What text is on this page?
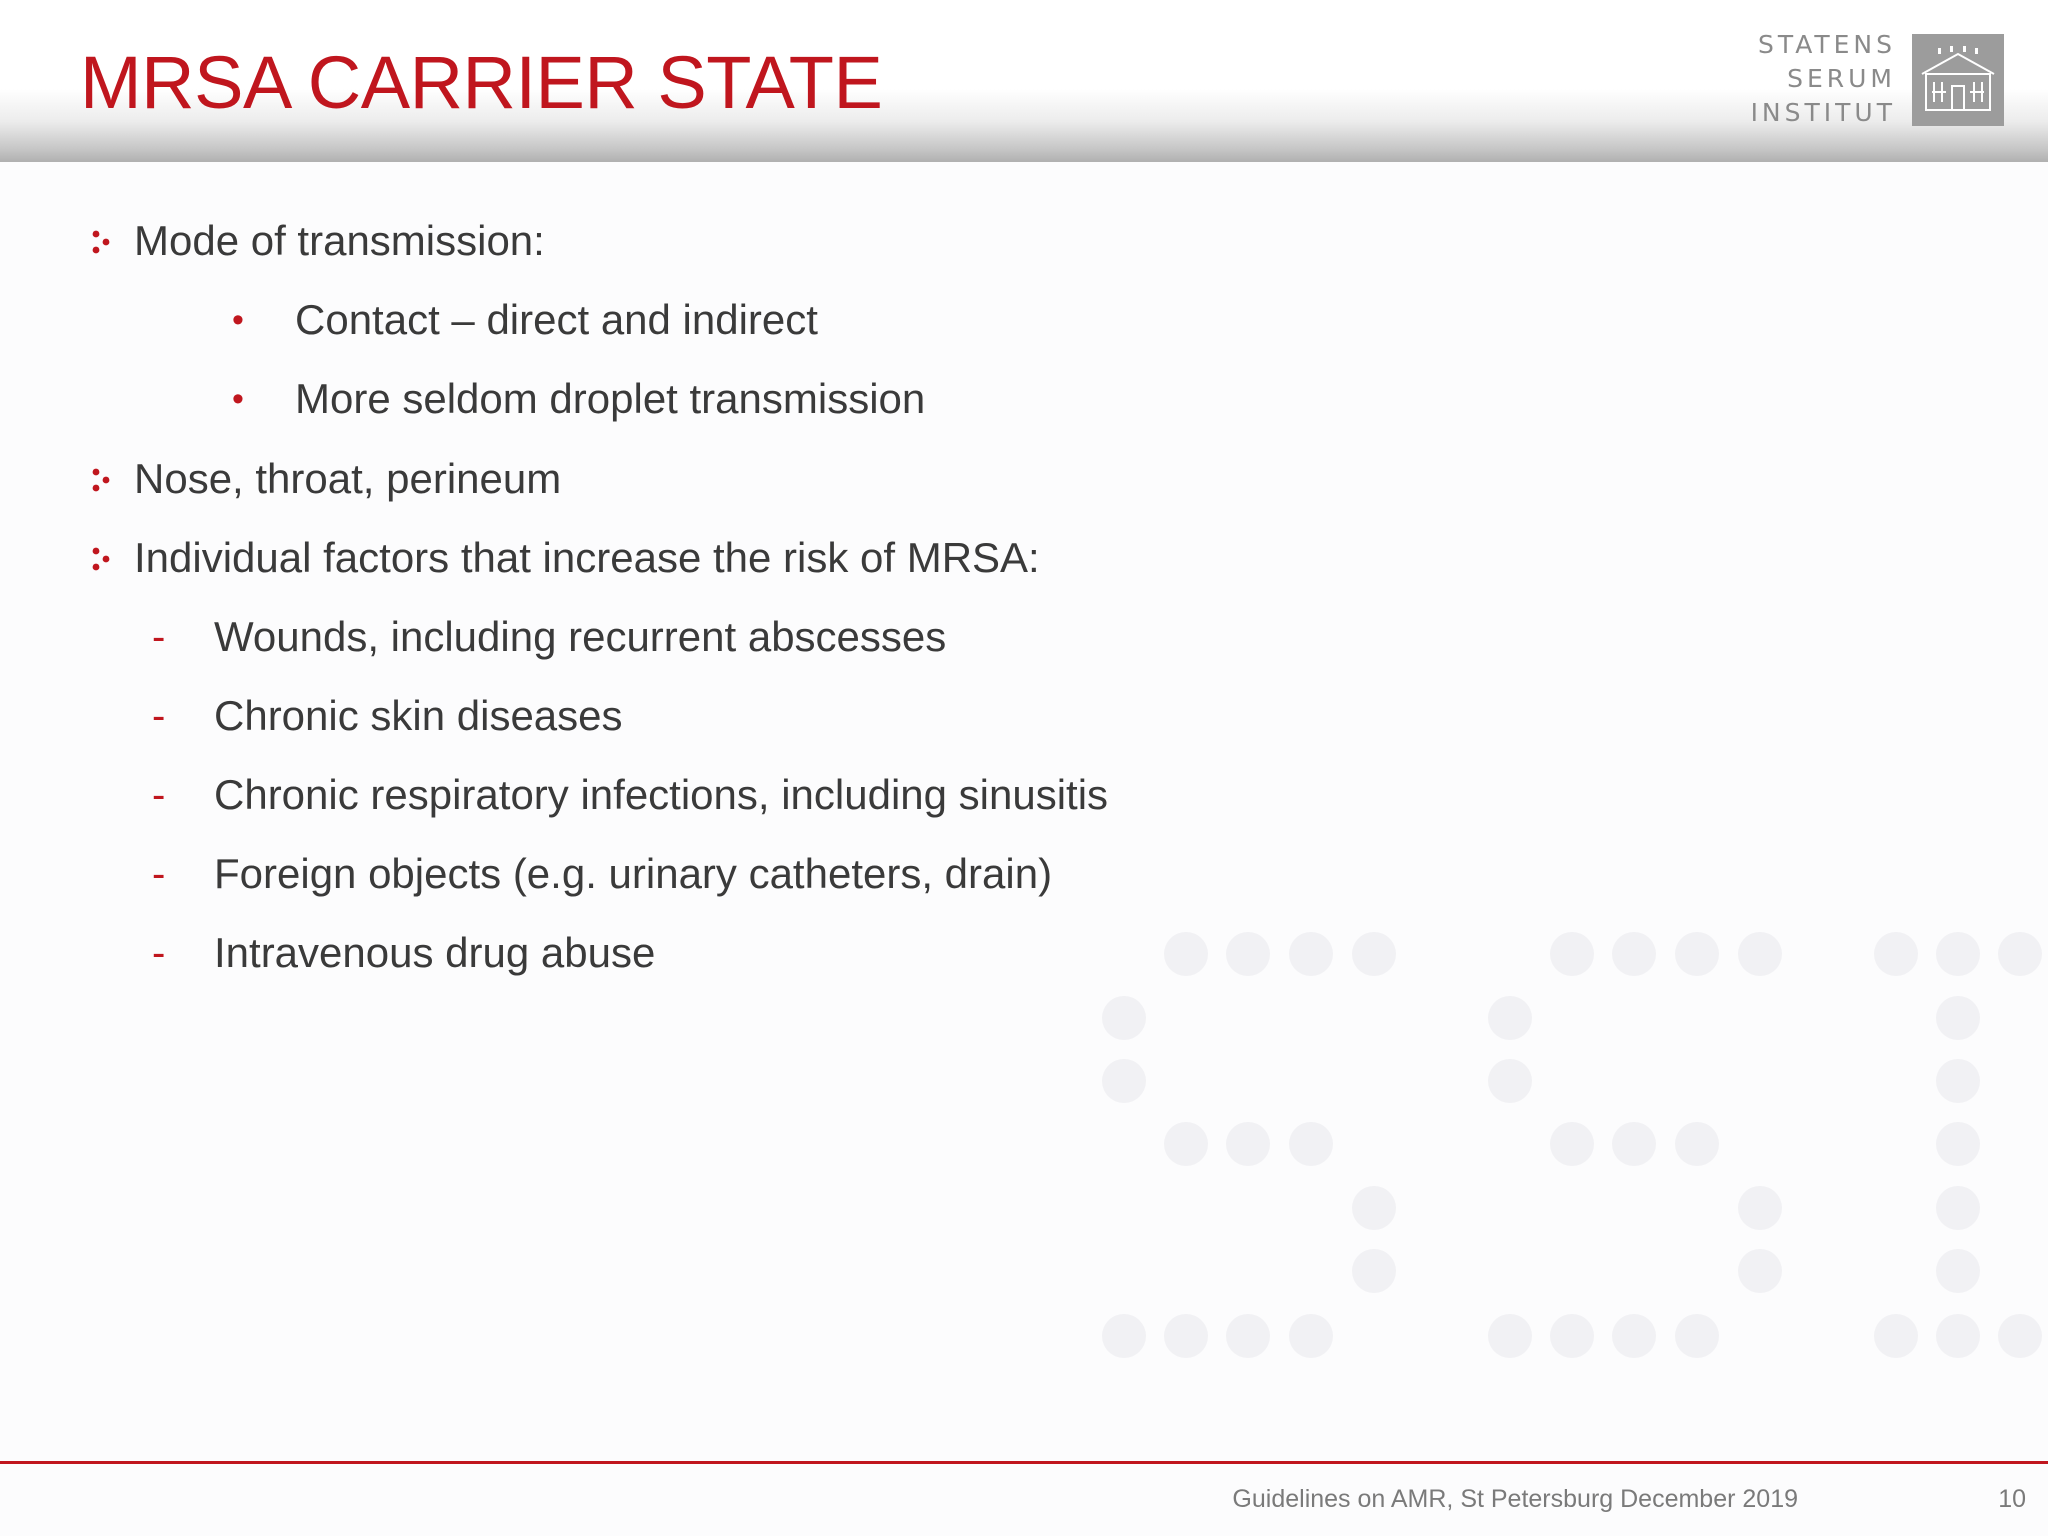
MRSA CARRIER STATE	STATENS
SERUM
INSTITUT
Mode of transmission:
• Contact – direct and indirect
• More seldom droplet transmission
Nose, throat, perineum
Individual factors that increase the risk of MRSA:
- Wounds, including recurrent abscesses
- Chronic skin diseases
- Chronic respiratory infections, including sinusitis
- Foreign objects (e.g. urinary catheters, drain)
- Intravenous drug abuse
Guidelines on AMR, St Petersburg December 2019	10
